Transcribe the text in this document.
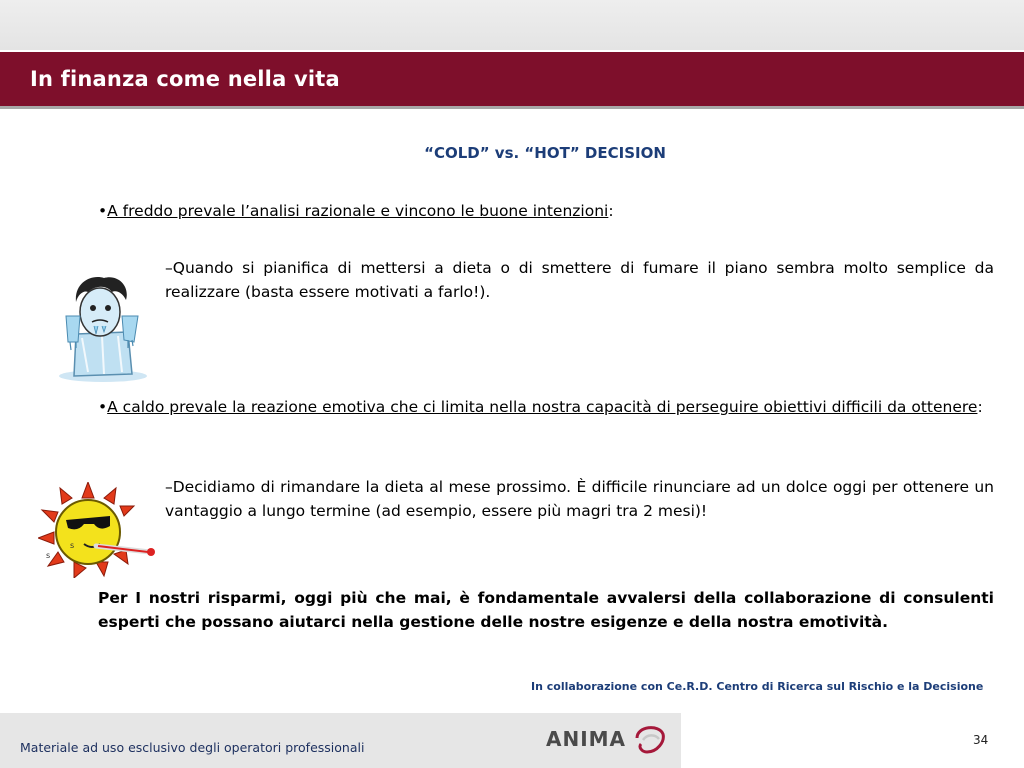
In finanza come nella vita
“COLD” vs. “HOT” DECISION
•A freddo prevale l’analisi razionale e vincono le buone intenzioni:
–Quando si pianifica di mettersi a dieta o di smettere di fumare il piano sembra molto semplice da realizzare (basta essere motivati a farlo!).
•A caldo prevale la reazione emotiva che ci limita nella nostra capacità di perseguire obiettivi difficili da ottenere:
–Decidiamo di rimandare la dieta al mese prossimo. È difficile rinunciare ad un dolce oggi per ottenere un vantaggio a lungo termine (ad esempio, essere più magri tra 2 mesi)!
Per I nostri risparmi, oggi più che mai, è fondamentale avvalersi della collaborazione di consulenti esperti che possano aiutarci nella gestione delle nostre esigenze e della nostra emotività.
In collaborazione con Ce.R.D. Centro di Ricerca sul Rischio e la Decisione
s
s
Materiale ad uso esclusivo degli operatori professionali	ANIMA	34
